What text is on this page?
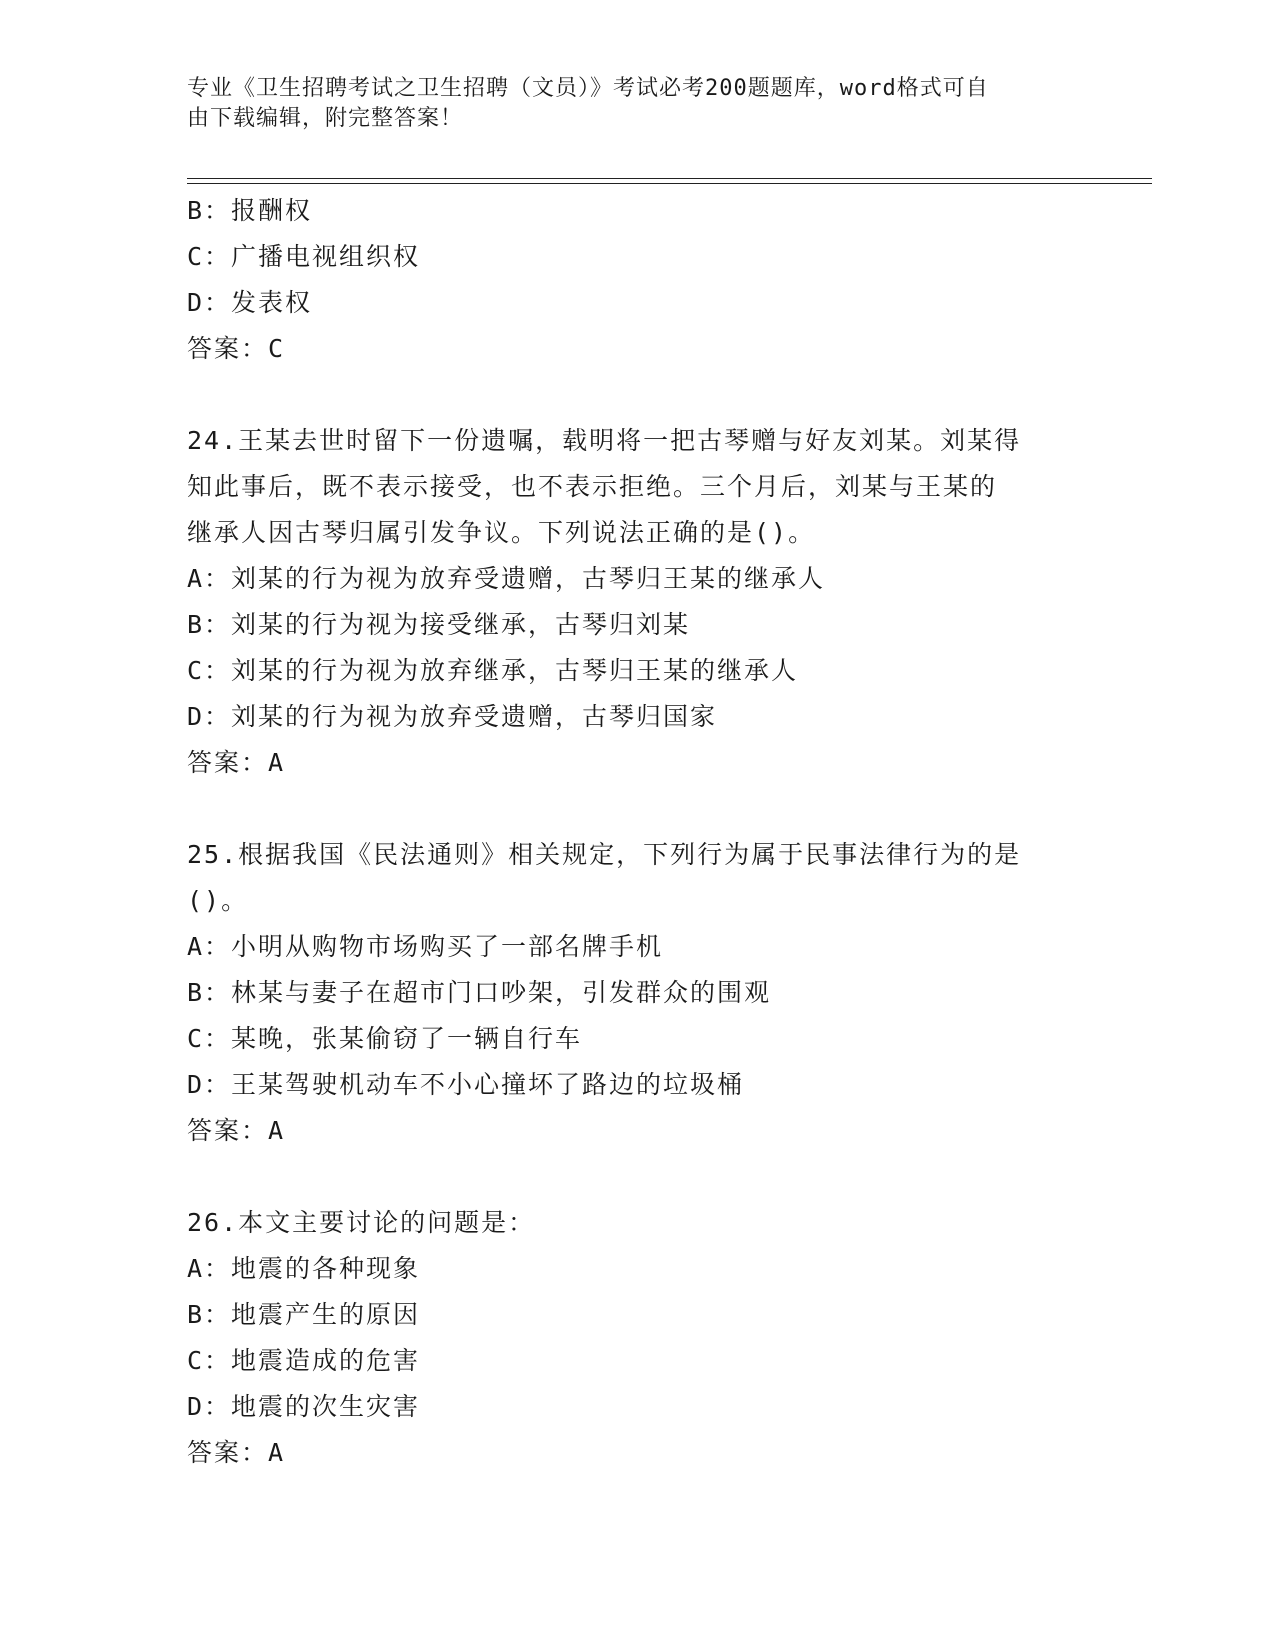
专业《卫生招聘考试之卫生招聘（文员）》考试必考200题题库，word格式可自
由下载编辑，附完整答案！
B：报酬权
C：广播电视组织权
D：发表权
答案：C
24.王某去世时留下一份遗嘱，载明将一把古琴赠与好友刘某。刘某得
知此事后，既不表示接受，也不表示拒绝。三个月后，刘某与王某的
继承人因古琴归属引发争议。下列说法正确的是()。
A：刘某的行为视为放弃受遗赠，古琴归王某的继承人
B：刘某的行为视为接受继承，古琴归刘某
C：刘某的行为视为放弃继承，古琴归王某的继承人
D：刘某的行为视为放弃受遗赠，古琴归国家
答案：A
25.根据我国《民法通则》相关规定，下列行为属于民事法律行为的是
()。
A：小明从购物市场购买了一部名牌手机
B：林某与妻子在超市门口吵架，引发群众的围观
C：某晚，张某偷窃了一辆自行车
D：王某驾驶机动车不小心撞坏了路边的垃圾桶
答案：A
26.本文主要讨论的问题是：
A：地震的各种现象
B：地震产生的原因
C：地震造成的危害
D：地震的次生灾害
答案：A
